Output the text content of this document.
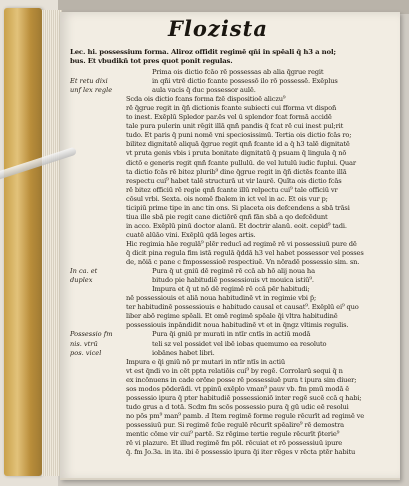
Flozista

Lec. hi. possessium forma. Aliroz offidit regimē qñi in spēali q̄ h3 a nol;

bus. Et vbudikñ tot pres quot ponit regulas.

Prima ois dictio fcāo rē possessas ab alia q̄grue regit

in qñi vtrē dictio fcante possessō ilo rō possessē. Exēplus

aula vacis q̄ duc possessor aulē.

Scda ois dictio fcans forma fzē dispositioē aliczu⁹

rē q̄grue regit in q̄ñ dictionis fcante subiecti cui fforma vt dispoñ

to inest. Exēplū Spledor par.ēs vel ū splendor fcat formā accidē

tale pura pulerin unit rēgit illā qnñ pandis q̄ fcat rē cui inest pul;rit

tudo. Et paris q̄ puni nomē vni speciosissimū. Tertia ois dictio fcās ro;

bilitez dignitatē aliquā q̄grue regit qnñ fcante id a q̄ h3 talē dignitatē

vt pruta genis vbis i pruta bonitate dignitatū q̄ psuam q̄ lingula q̄ nō

dictō e generis regit qnñ fcante pullulū. de vel lutulū iudic fuplui. Quar

ta dictio fcās rē bitez plurib⁹ dine q̄grue regit in q̄ñ dictēs fcante illā

respectu cui⁹ habet talē structurā ut vir laurē. Quīta ois dictio fcās

rē bitez officiū rē regie qnñ fcante illū relpectu cui⁹ tale officiū vr

cōsul vrbi. Sexta. ois nomē fbalem in ict vel in ac. Et ois vur p;

ticipiū prime tipe in anc tin ons. Si placeta ois defcendens a sbā trāsi

tiua ille sbā pie regit cane dictiōrē qnñ fān sbā a qo defcēdunt

in acco. Exēplū pinū doctor alanū. Et doctrir alanū. eoit. cepid⁹ tadi.

cuatē alūāo vini. Exēplū qdā leges artis.

Hic regimia hāe regulā⁹ plēr reducī ad regimē rē vi possessiuū pure dē

q̄ dicit̄ pina regula fim istā regulā q̄ddā h3 vel habet possessor vel posses

de, nōiā c pane c fmpossessioē respectiuē. Vn nōradē possessio sim. sn.

Pura q̄ ut gniū dē regimē rē ccā ab hō alij noua ha

bitudo pie habitudiē possessiouis vt mouica istiū⁹.

Impura et q̄ ut nō dē regimē rē ccā pēr habitudi;

nē possessiouis et aliā noua habitudinē vt in regimie vbi p̄;

ter habitudinē possessiouis e habitudo causal et causat⁹. Exēplū ei⁹ quo

liber abō regime spēali. Et omē regimē spēale q̄i vltra habitudinē

possessiouis inpāndidit noua habitudinē vt et in q̄ngz vltimis regulis.

Pura q̄i gniū pr murati in ntīr cntīs in actiū modā

teli sz vel possidet vel ibē iobas quemumo ea resoluto

iobānes habet libri.

Impura e q̄i gniū nō pr mutari in ntīr ntīs in actiū

vt est q̄ndi vo in cēt ppta relatiōis cui⁹ by regē. Corrolarū sequi q̄ n

ex incōnuens in cade orōne posse rē possessiuē pura t ipura sim diuer;

sos modos pōderādi. vt ppinū exēplo vman⁹ pauv vb. fm pmū modā ē

possessio ipura q̄ pter habitudiē possessioniō inter regē sucē ccā q habi;

tudo grus a d totā. Scdm fm scōs possessio pura q̄ gū udic eē resolui

no pōs pm⁹ man⁹ pamb. Ⅎ Item regimē forme regule rēcurīt ad regimē ve

possessiuū pur. Si regimē fcūe regulē rēcurīt spēalire⁹ rē demostra

mentic cōme vir cui⁹ partē. Sz rēgime tertie regule rēcurīt p̄terie⁹

rē vi plazure. Et illud regimē fm pōl. rēcuiat et rō possessiuū ipure

q̄. fm Jo.3a. in ita. ibi ē possessio ipura q̄i iter rēges v rēcta ptēr habitu

Et retu dixi

unf lex regle

In ca. et

duplex

Possessio fm

nis. vtrū

pos. vicel
